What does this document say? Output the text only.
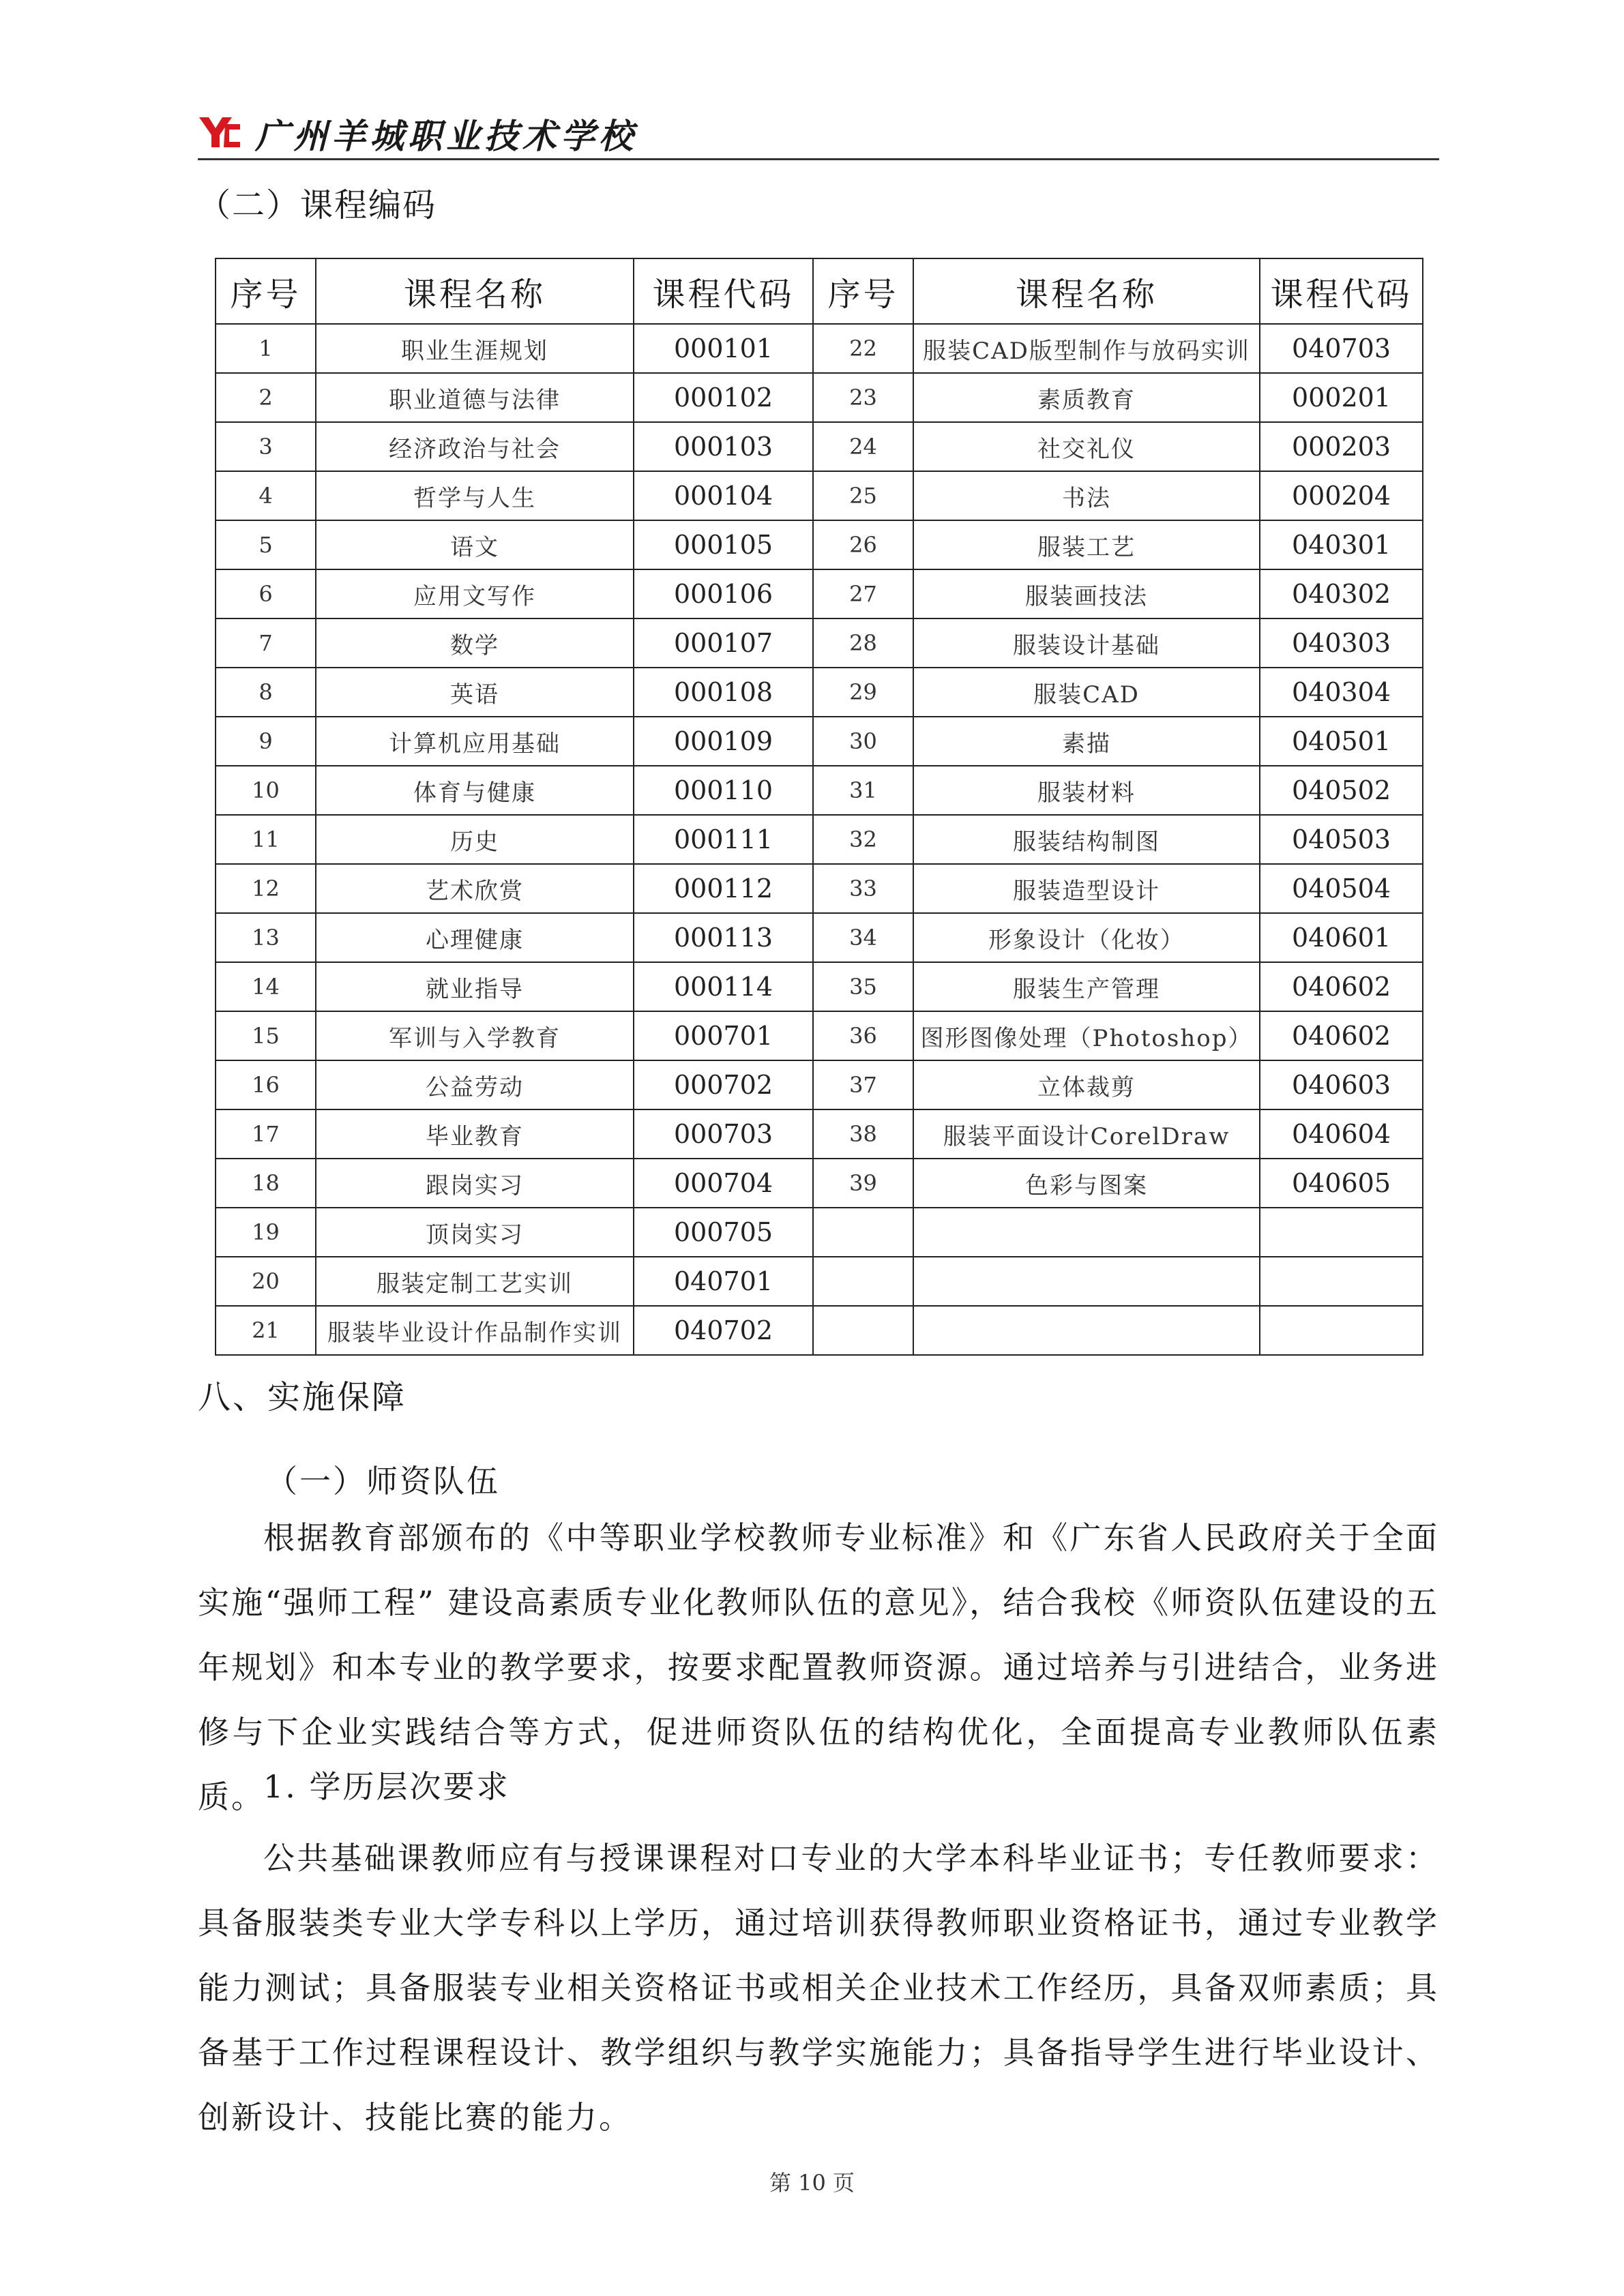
广州羊城职业技术学校
（二）课程编码
序号	课程名称	课程代码	序号	课程名称	课程代码
1	职业生涯规划	000101	22	服装CAD版型制作与放码实训	040703
2	职业道德与法律	000102	23	素质教育	000201
3	经济政治与社会	000103	24	社交礼仪	000203
4	哲学与人生	000104	25	书法	000204
5	语文	000105	26	服装工艺	040301
6	应用文写作	000106	27	服装画技法	040302
7	数学	000107	28	服装设计基础	040303
8	英语	000108	29	服装CAD	040304
9	计算机应用基础	000109	30	素描	040501
10	体育与健康	000110	31	服装材料	040502
11	历史	000111	32	服装结构制图	040503
12	艺术欣赏	000112	33	服装造型设计	040504
13	心理健康	000113	34	形象设计（化妆）	040601
14	就业指导	000114	35	服装生产管理	040602
15	军训与入学教育	000701	36	图形图像处理（Photoshop）	040602
16	公益劳动	000702	37	立体裁剪	040603
17	毕业教育	000703	38	服装平面设计CorelDraw	040604
18	跟岗实习	000704	39	色彩与图案	040605
19	顶岗实习	000705			
20	服装定制工艺实训	040701			
21	服装毕业设计作品制作实训	040702			
八、实施保障
（一）师资队伍

根据教育部颁布的《中等职业学校教师专业标准》和《广东省人民政府关于全面实施“强师工程” 建设高素质专业化教师队伍的意见》，结合我校《师资队伍建设的五年规划》和本专业的教学要求，按要求配置教师资源。通过培养与引进结合，业务进修与下企业实践结合等方式，促进师资队伍的结构优化，全面提高专业教师队伍素质。

1. 学历层次要求

公共基础课教师应有与授课课程对口专业的大学本科毕业证书；专任教师要求：具备服装类专业大学专科以上学历，通过培训获得教师职业资格证书，通过专业教学能力测试；具备服装专业相关资格证书或相关企业技术工作经历，具备双师素质；具备基于工作过程课程设计、教学组织与教学实施能力；具备指导学生进行毕业设计、创新设计、技能比赛的能力。

第 10 页
